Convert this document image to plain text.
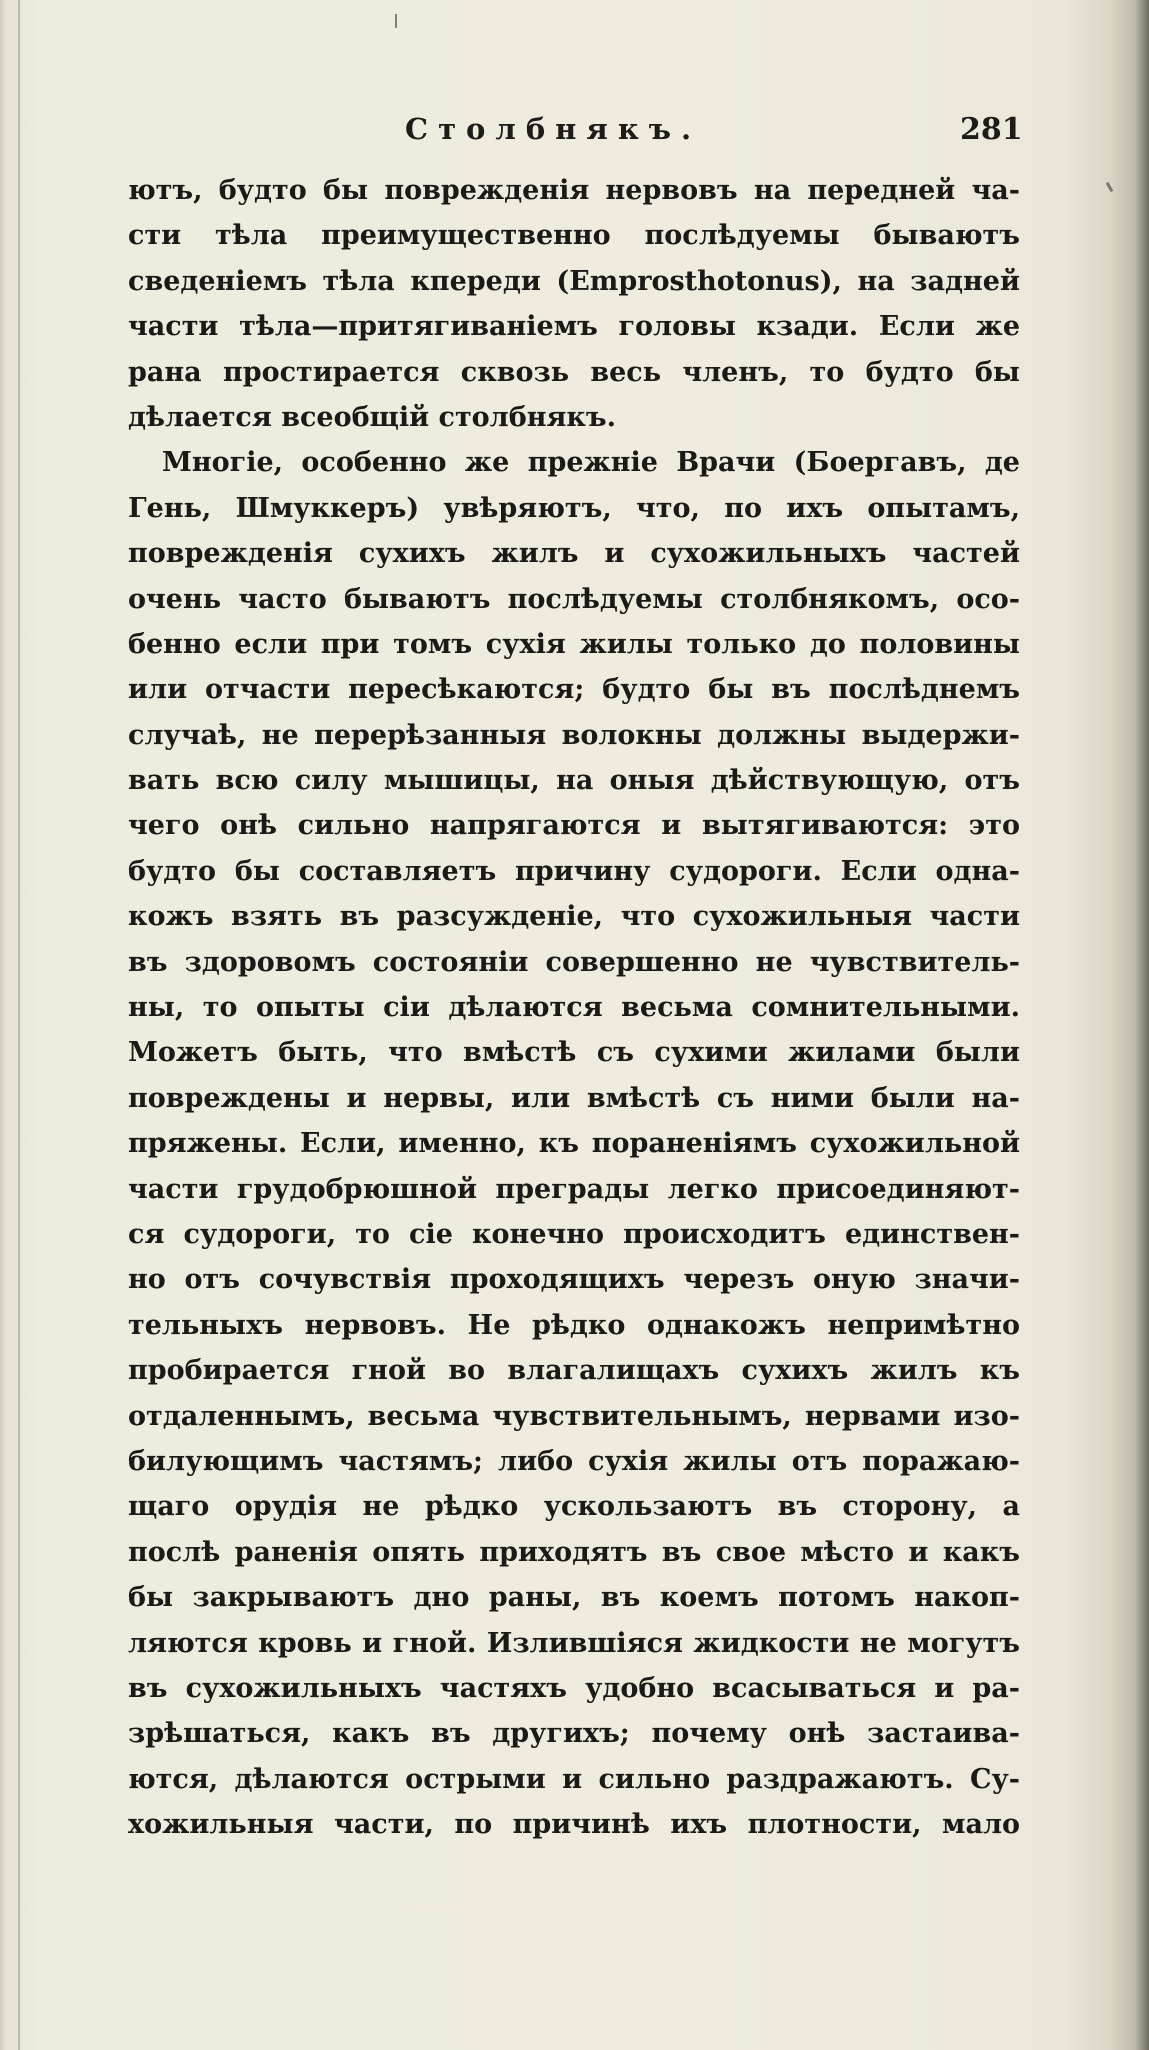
Столбнякъ.	281
ютъ, будто бы поврежденія нервовъ на передней ча-
сти тѣла преимущественно послѣдуемы бываютъ
сведеніемъ тѣла кпереди (Emprosthotonus), на задней
части тѣла—притягиваніемъ головы кзади. Если же
рана простирается сквозь весь членъ, то будто бы
дѣлается всеобщій столбнякъ.
Многіе, особенно же прежніе Врачи (Боергавъ, де
Гень, Шмуккеръ) увѣряютъ, что, по ихъ опытамъ,
поврежденія сухихъ жилъ и сухожильныхъ частей
очень часто бываютъ послѣдуемы столбнякомъ, осо-
бенно если при томъ сухія жилы только до половины
или отчасти пересѣкаются; будто бы въ послѣднемъ
случаѣ, не перерѣзанныя волокны должны выдержи-
вать всю силу мышицы, на оныя дѣйствующую, отъ
чего онѣ сильно напрягаются и вытягиваются: это
будто бы составляетъ причину судороги. Если одна-
кожъ взять въ разсужденіе, что сухожильныя части
въ здоровомъ состояніи совершенно не чувствитель-
ны, то опыты сіи дѣлаются весьма сомнительными.
Можетъ быть, что вмѣстѣ съ сухими жилами были
повреждены и нервы, или вмѣстѣ съ ними были на-
пряжены. Если, именно, къ пораненіямъ сухожильной
части грудобрюшной преграды легко присоединяют-
ся судороги, то сіе конечно происходитъ единствен-
но отъ сочувствія проходящихъ черезъ оную значи-
тельныхъ нервовъ. Не рѣдко однакожъ непримѣтно
пробирается гной во влагалищахъ сухихъ жилъ къ
отдаленнымъ, весьма чувствительнымъ, нервами изо-
билующимъ частямъ; либо сухія жилы отъ поражаю-
щаго орудія не рѣдко ускользаютъ въ сторону, а
послѣ раненія опять приходятъ въ свое мѣсто и какъ
бы закрываютъ дно раны, въ коемъ потомъ накоп-
ляются кровь и гной. Излившіяся жидкости не могутъ
въ сухожильныхъ частяхъ удобно всасываться и ра-
зрѣшаться, какъ въ другихъ; почему онѣ застаива-
ются, дѣлаются острыми и сильно раздражаютъ. Су-
хожильныя части, по причинѣ ихъ плотности, мало
